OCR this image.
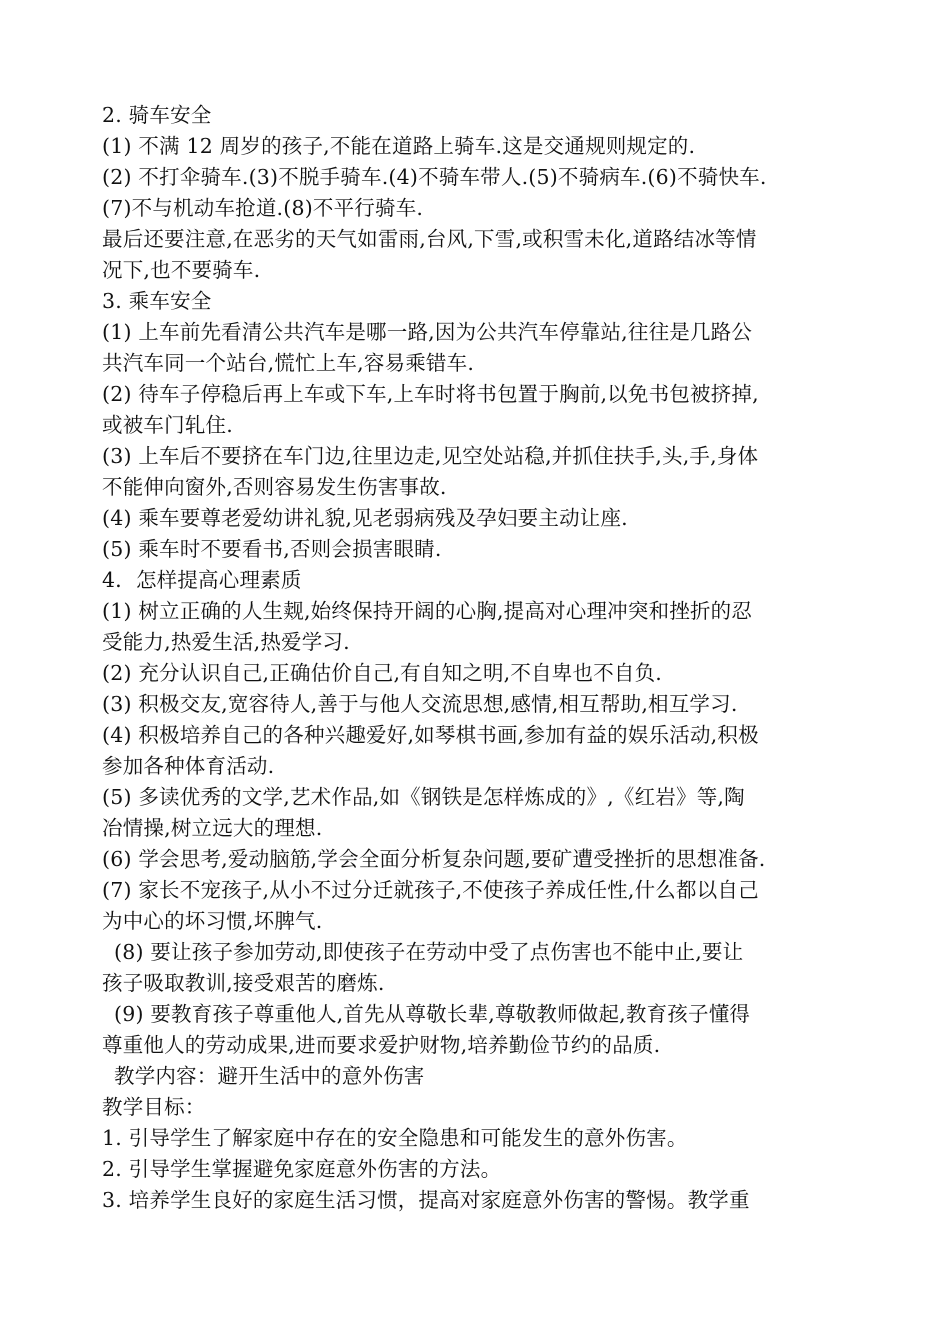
2. 骑车安全
(1) 不满 12 周岁的孩子,不能在道路上骑车.这是交通规则规定的.
(2) 不打伞骑车.(3)不脱手骑车.(4)不骑车带人.(5)不骑病车.(6)不骑快车.
(7)不与机动车抢道.(8)不平行骑车.
最后还要注意,在恶劣的天气如雷雨,台风,下雪,或积雪未化,道路结冰等情
况下,也不要骑车.
3. 乘车安全
(1) 上车前先看清公共汽车是哪一路,因为公共汽车停靠站,往往是几路公
共汽车同一个站台,慌忙上车,容易乘错车.
(2) 待车子停稳后再上车或下车,上车时将书包置于胸前,以免书包被挤掉,
或被车门轧住.
(3) 上车后不要挤在车门边,往里边走,见空处站稳,并抓住扶手,头,手,身体
不能伸向窗外,否则容易发生伤害事故.
(4) 乘车要尊老爱幼讲礼貌,见老弱病残及孕妇要主动让座.
(5) 乘车时不要看书,否则会损害眼睛.
4．怎样提高心理素质
(1) 树立正确的人生觌,始终保持开阔的心胸,提高对心理冲突和挫折的忍
受能力,热爱生活,热爱学习.
(2) 充分认识自己,正确估价自己,有自知之明,不自卑也不自负.
(3) 积极交友,宽容待人,善于与他人交流思想,感情,相互帮助,相互学习.
(4) 积极培养自己的各种兴趣爱好,如琴棋书画,参加有益的娱乐活动,积极
参加各种体育活动.
(5) 多读优秀的文学,艺术作品,如《钢铁是怎样炼成的》,《红岩》等,陶
冶情操,树立远大的理想.
(6) 学会思考,爱动脑筋,学会全面分析复杂问题,要矿遭受挫折的思想准备.
(7) 家长不宠孩子,从小不过分迁就孩子,不使孩子养成任性,什么都以自己
为中心的坏习惯,坏脾气.
(8) 要让孩子参加劳动,即使孩子在劳动中受了点伤害也不能中止,要让
孩子吸取教训,接受艰苦的磨炼.
(9) 要教育孩子尊重他人,首先从尊敬长辈,尊敬教师做起,教育孩子懂得
尊重他人的劳动成果,进而要求爱护财物,培养勤俭节约的品质.
教学内容：避开生活中的意外伤害
教学目标：
1. 引导学生了解家庭中存在的安全隐患和可能发生的意外伤害。
2. 引导学生掌握避免家庭意外伤害的方法。
3. 培养学生良好的家庭生活习惯，提高对家庭意外伤害的警惕。教学重
